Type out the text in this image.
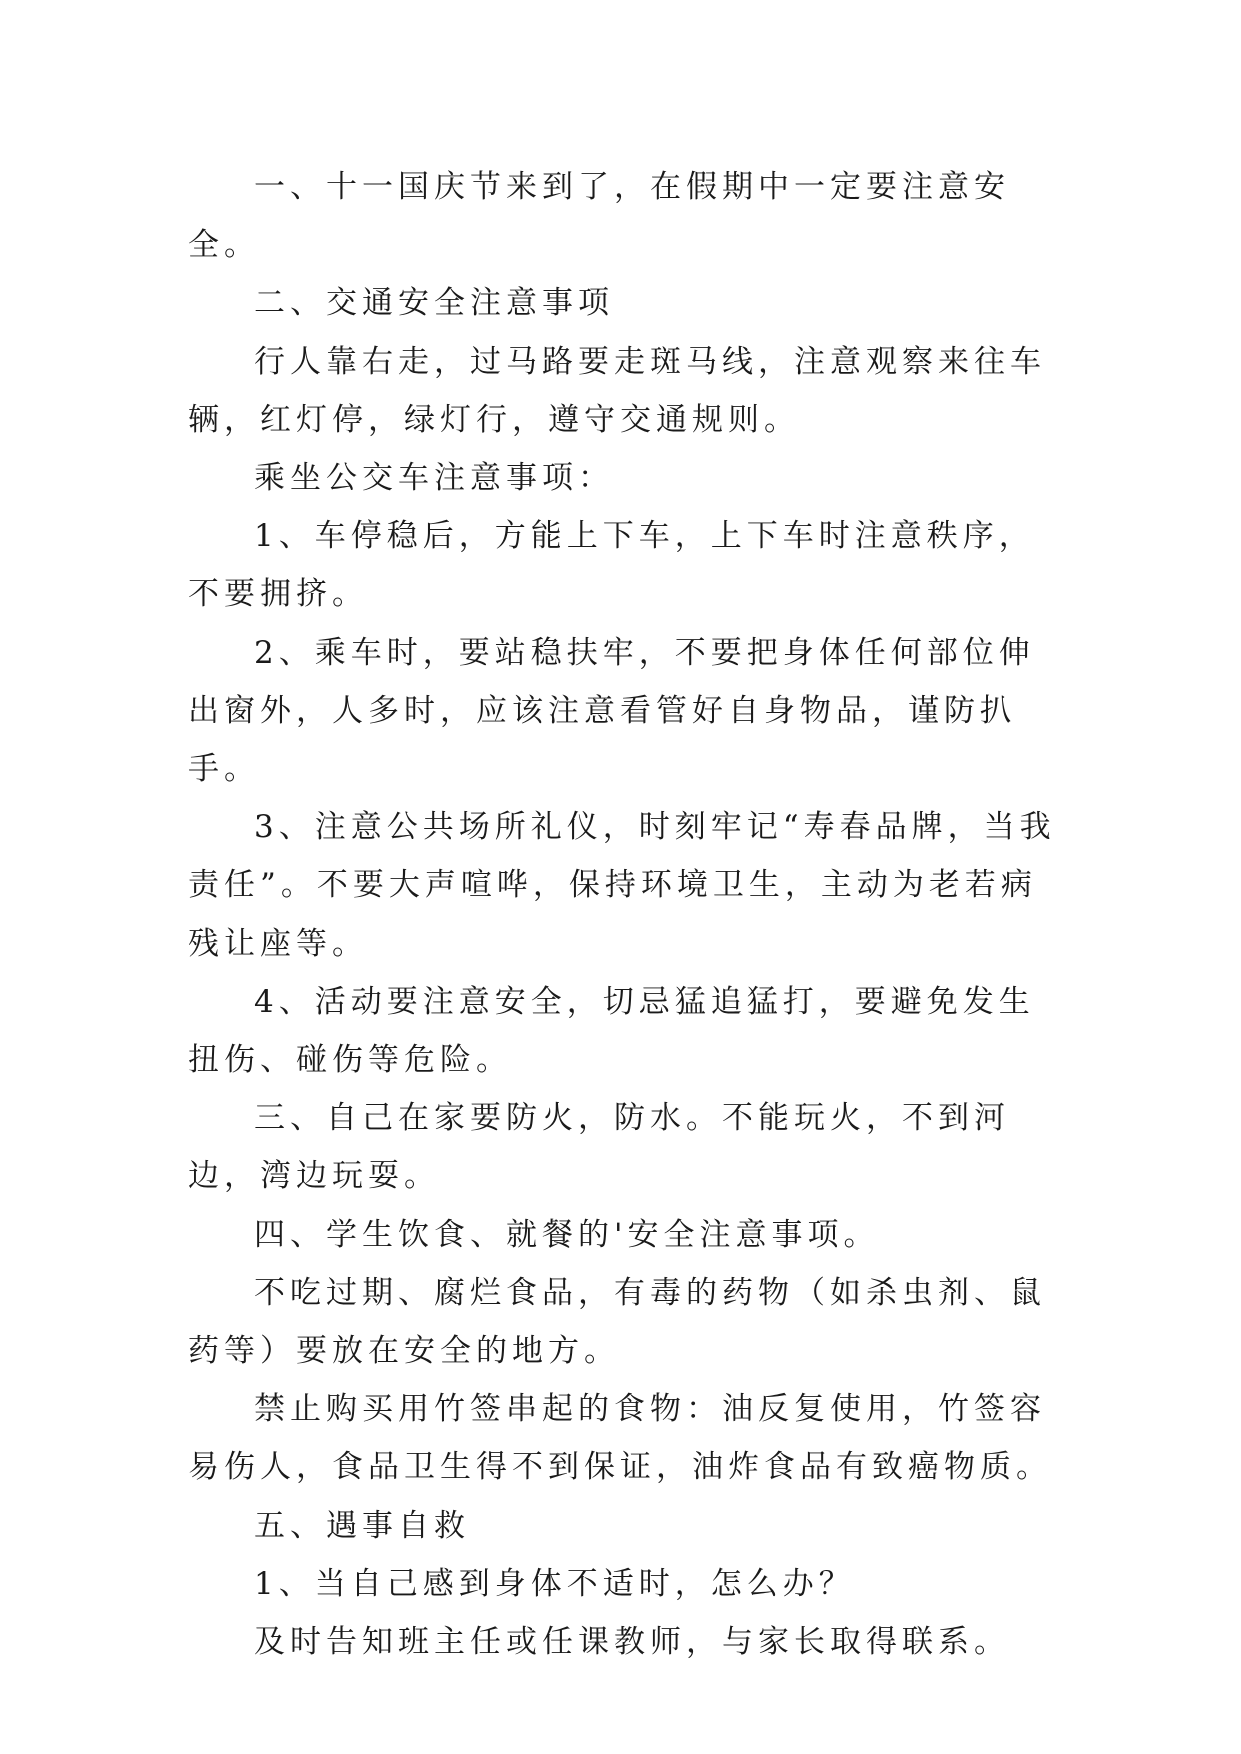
一、十一国庆节来到了，在假期中一定要注意安全。

二、交通安全注意事项

行人靠右走，过马路要走斑马线，注意观察来往车辆，红灯停，绿灯行，遵守交通规则。

乘坐公交车注意事项：

1、车停稳后，方能上下车，上下车时注意秩序，不要拥挤。

2、乘车时，要站稳扶牢，不要把身体任何部位伸出窗外，人多时，应该注意看管好自身物品，谨防扒手。

3、注意公共场所礼仪，时刻牢记“寿春品牌，当我责任”。不要大声喧哗，保持环境卫生，主动为老若病残让座等。

4、活动要注意安全，切忌猛追猛打，要避免发生扭伤、碰伤等危险。

三、自己在家要防火，防水。不能玩火，不到河边，湾边玩耍。

四、学生饮食、就餐的'安全注意事项。

不吃过期、腐烂食品，有毒的药物（如杀虫剂、鼠药等）要放在安全的地方。

禁止购买用竹签串起的食物：油反复使用，竹签容易伤人，食品卫生得不到保证，油炸食品有致癌物质。

五、遇事自救

1、当自己感到身体不适时，怎么办？

及时告知班主任或任课教师，与家长取得联系。
